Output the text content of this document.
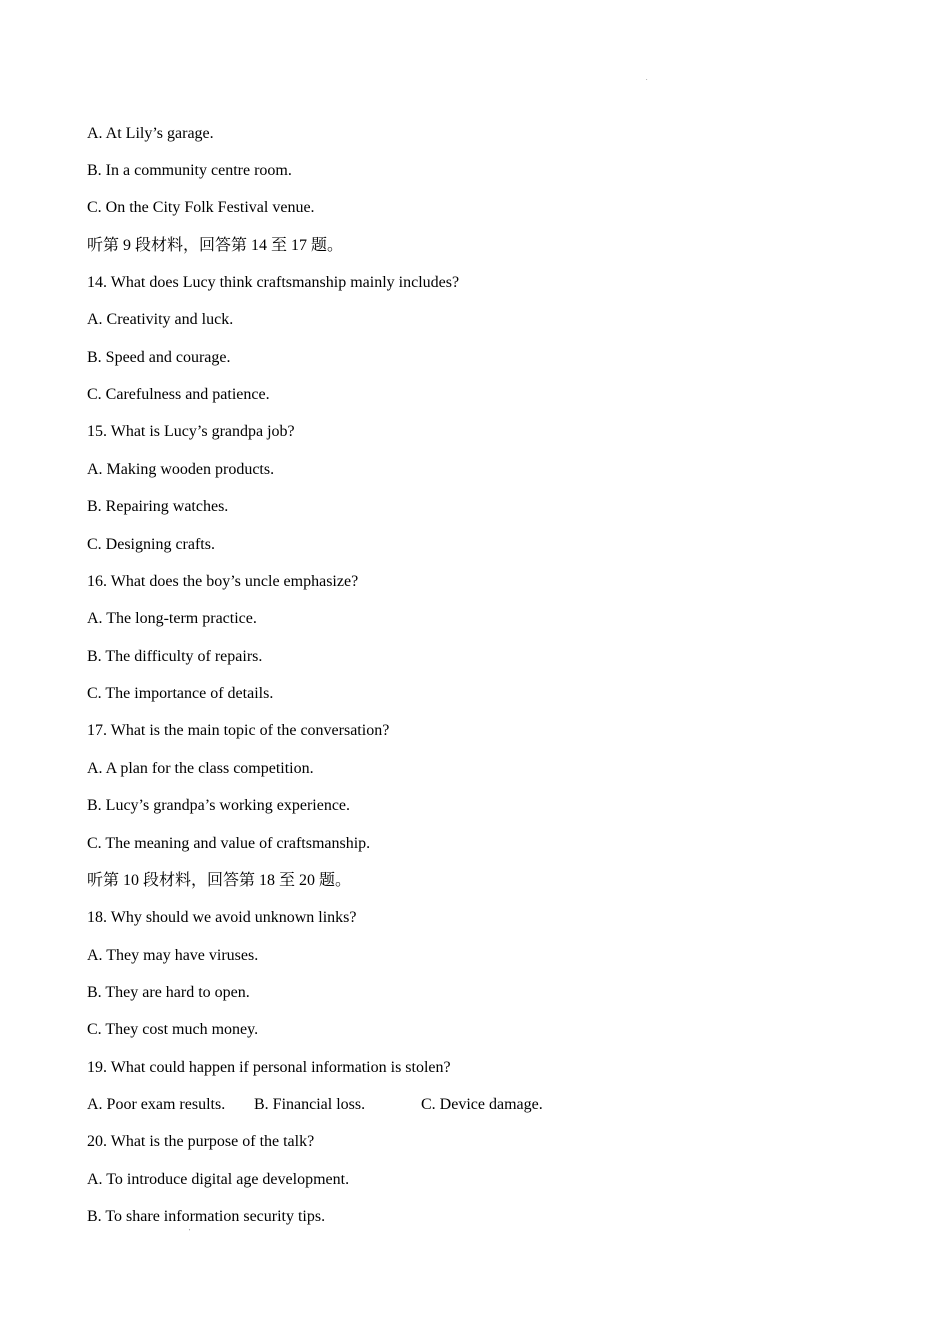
.
A. At Lily’s garage.
B. In a community centre room.
C. On the City Folk Festival venue.
听第 9 段材料，回答第 14 至 17 题。
14. What does Lucy think craftsmanship mainly includes?
A. Creativity and luck.
B. Speed and courage.
C. Carefulness and patience.
15. What is Lucy’s grandpa job?
A. Making wooden products.
B. Repairing watches.
C. Designing crafts.
16. What does the boy’s uncle emphasize?
A. The long-term practice.
B. The difficulty of repairs.
C. The importance of details.
17. What is the main topic of the conversation?
A. A plan for the class competition.
B. Lucy’s grandpa’s working experience.
C. The meaning and value of craftsmanship.
听第 10 段材料，回答第 18 至 20 题。
18. Why should we avoid unknown links?
A. They may have viruses.
B. They are hard to open.
C. They cost much money.
19. What could happen if personal information is stolen?
A. Poor exam results. B. Financial loss.	C. Device damage.
20. What is the purpose of the talk?
A. To introduce digital age development.
B. To share information security tips.
'
